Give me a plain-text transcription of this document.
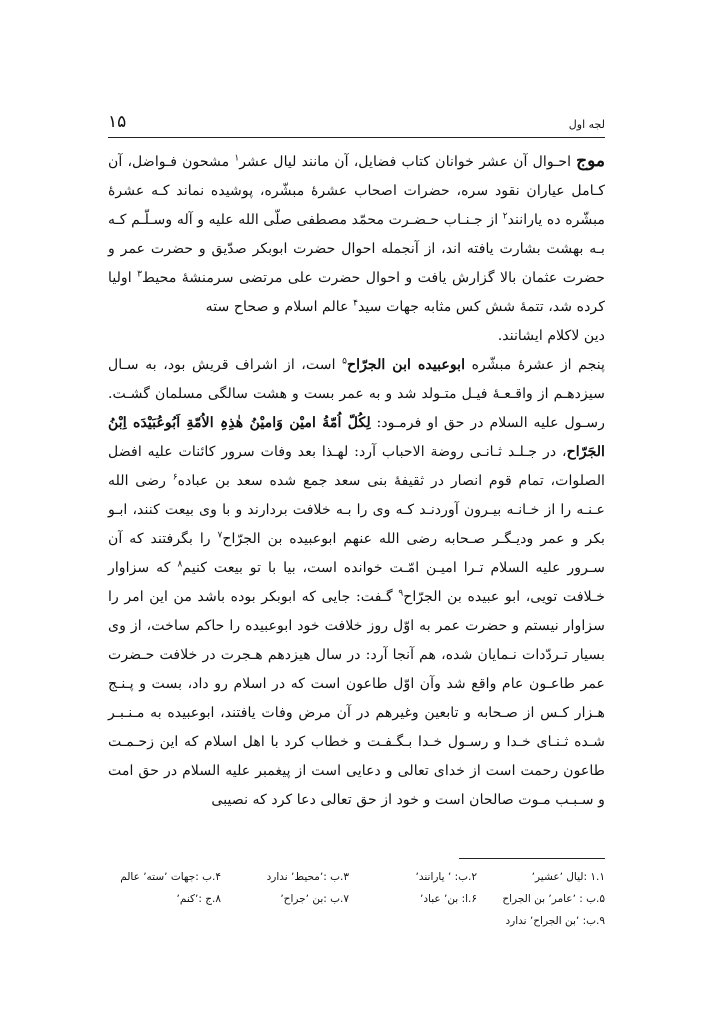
لجه اول
۱۵

موج احـوال آن عشر خوانان کتاب فضایل، آن مانند لیال عشر$^۱$ مشحون فـواضل، آن کـامل عیاران نقود سره، حضرات اصحاب عشرهٔ مبشّره، پوشیده نماند کـه عشرهٔ مبشّره ده یارانند$^۲$ از جـنـاب حـضـرت محمّد مصطفی صلّی الله علیه و آله وسـلّـم کـه بـه بهشت بشارت یافته اند، از آنجمله احوال حضرت ابوبکر صدّیق و حضرت عمر و حضرت عثمان بالا گزارش یافت و احوال حضرت علی مرتضی سرمنشهٔ محیط$^۳$ اولیا کرده شد، تتمهٔ شش کس مثابه جهات سید$^۴$ عالم اسلام و صحاح سته

دین لاکلام ایشانند.

پنجم از عشرهٔ مبشّره ابوعبیده ابن الجرّاح$^۵$ است، از اشراف قریش بود، به سـال سیزدهـم از واقـعـهٔ فیـل متـولد شد و به عمر بست و هشت سالگی مسلمان گشـت. رسـول علیه السلام در حق او فرمـود: لِکُلّ اُمّةُ امیْن وَامیْنُ هٰذِہِ الاُمّةِ اَبُوعُبَیْدَه اِبْنُ الجَرّاح، در جـلـد ثـانـی روضة الاحباب آرد: لهـذا بعد وفات سرور کائنات علیه افضل الصلوات، تمام قوم انصار در ثقیفهٔ بنی سعد جمع شده سعد بن عباده$^۶$ رضی الله عـنـه را از خـانـه بیـرون آوردنـد کـه وی را بـه خلافت بردارند و با وی بیعت کنند، ابـو بکر و عمر ودیـگـر صـحابه رضی الله عنهم ابوعبیده بن الجرّاح$^۷$ را بگرفتند که آن سـرور علیه السلام تـرا امیـن امّـت خوانده است، بیا با تو بیعت کنیم$^۸$ که سزاوار خـلافت تویی، ابو عبیده بن الجرّاح$^۹$ گـفت: جایی که ابوبکر بوده باشد من این امر را سزاوار نیستم و حضرت عمر به اوّل روز خلافت خود ابوعبیده را حاکم ساخت، از وی بسیار تـردّدات نـمایان شده، هم آنجا آرد: در سال هیزدهم هـجرت در خلافت حـضرت عمر طاعـون عام واقع شد وآن اوّل طاعون است که در اسلام رو داد، بست و پـنـج هـزار کـس از صـحابه و تابعین وغیرهم در آن مرض وفات یافتند، ابوعبیده به مـنـبـر شـده ثـنـای خـدا و رسـول خـدا بـگـفـت و خطاب کرد با اهل اسلام که این زحـمـت طاعون رحمت است از خدای تعالی و دعایی است از پیغمبر علیه السلام در حق امت و سـبـب مـوت صالحان است و خود از حق تعالی دعا کرد که نصیبی

۱.۱ :لیال ٬عشیر٬
۲.ب: ٬ یارانند٬
۳.ب :٬محیط٬ ندارد
۴.ب :جهات ٬سته٬ عالم
۵.ب : ٬عامر٬ بن الجراح
۶.ا: بن٬ عباد٬
۷.ب :بن ٬جراح٬
۸.ج :٬کنم٬
۹.ب: ٬بن الجراح٬ ندارد
